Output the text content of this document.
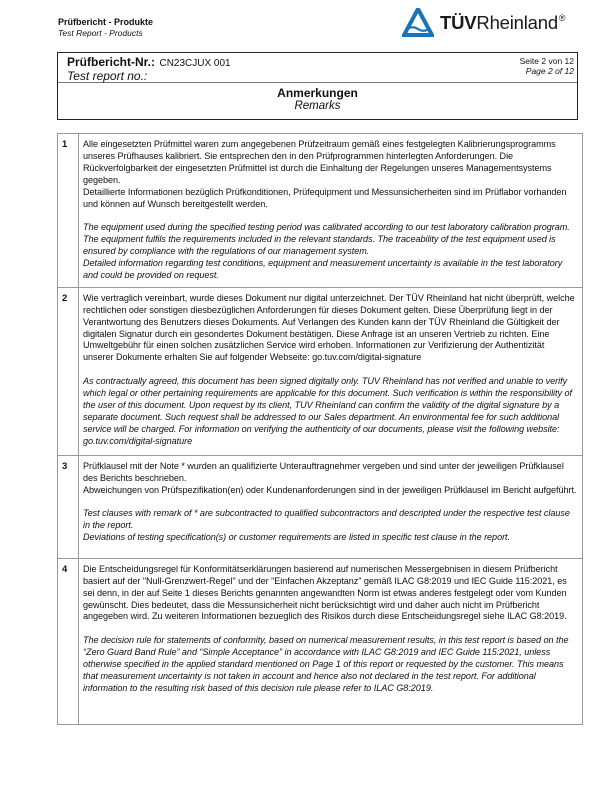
Prüfbericht - Produkte
Test Report - Products	TÜVRheinland®
Prüfbericht-Nr.: CN23CJUX 001
Test report no.:
Seite 2 von 12
Page 2 of 12
Anmerkungen
Remarks
1	Alle eingesetzten Prüfmittel waren zum angegebenen Prüfzeitraum gemäß eines festgelegten Kalibrierungsprogramms unseres Prüfhauses kalibriert. Sie entsprechen den in den Prüfprogrammen hinterlegten Anforderungen. Die Rückverfolgbarkeit der eingesetzten Prüfmittel ist durch die Einhaltung der Regelungen unseres Managementsystems gegeben.

Detaillierte Informationen bezüglich Prüfkonditionen, Prüfequipment und Messunsicherheiten sind im Prüflabor vorhanden und können auf Wunsch bereitgestellt werden.

The equipment used during the specified testing period was calibrated according to our test laboratory calibration program. The equipment fulfils the requirements included in the relevant standards. The traceability of the test equipment used is ensured by compliance with the regulations of our management system.

Detailed information regarding test conditions, equipment and measurement uncertainty is available in the test laboratory and could be provided on request.

2	Wie vertraglich vereinbart, wurde dieses Dokument nur digital unterzeichnet. Der TÜV Rheinland hat nicht überprüft, welche rechtlichen oder sonstigen diesbezüglichen Anforderungen für dieses Dokument gelten. Diese Überprüfung liegt in der Verantwortung des Benutzers dieses Dokuments. Auf Verlangen des Kunden kann der TÜV Rheinland die Gültigkeit der digitalen Signatur durch ein gesondertes Dokument bestätigen. Diese Anfrage ist an unseren Vertrieb zu richten. Eine Umweltgebühr für einen solchen zusätzlichen Service wird erhoben. Informationen zur Verifizierung der Authentizität unserer Dokumente erhalten Sie auf folgender Webseite: go.tuv.com/digital-signature

As contractually agreed, this document has been signed digitally only. TUV Rheinland has not verified and unable to verify which legal or other pertaining requirements are applicable for this document. Such verification is within the responsibility of the user of this document. Upon request by its client, TUV Rheinland can confirm the validity of the digital signature by a separate document. Such request shall be addressed to our Sales department. An environmental fee for such additional service will be charged. For information on verifying the authenticity of our documents, please visit the following website: go.tuv.com/digital-signature

3	Prüfklausel mit der Note * wurden an qualifizierte Unterauftragnehmer vergeben und sind unter der jeweiligen Prüfklausel des Berichts beschrieben.

Abweichungen von Prüfspezifikation(en) oder Kundenanforderungen sind in der jeweiligen Prüfklausel im Bericht aufgeführt.

Test clauses with remark of * are subcontracted to qualified subcontractors and descripted under the respective test clause in the report.

Deviations of testing specification(s) or customer requirements are listed in specific test clause in the report.

4	Die Entscheidungsregel für Konformitätserklärungen basierend auf numerischen Messergebnisen in diesem Prüfbericht basiert auf der "Null-Grenzwert-Regel" und der "Einfachen Akzeptanz" gemäß ILAC G8:2019 und IEC Guide 115:2021, es sei denn, in der auf Seite 1 dieses Berichts genannten angewandten Norm ist etwas anderes festgelegt oder vom Kunden gewünscht. Dies bedeutet, dass die Messunsicherheit nicht berücksichtigt wird und daher auch nicht im Prüfbericht angegeben wird. Zu weiteren Informationen bezueglich des Risikos durch diese Entscheidungsregel siehe ILAC G8:2019.

The decision rule for statements of conformity, based on numerical measurement results, in this test report is based on the “Zero Guard Band Rule” and “Simple Acceptance” in accordance with ILAC G8:2019 and IEC Guide 115:2021, unless otherwise specified in the applied standard mentioned on Page 1 of this report or requested by the customer. This means that measurement uncertainty is not taken in account and hence also not declared in the test report. For additional information to the resulting risk based of this decision rule please refer to ILAC G8:2019.
